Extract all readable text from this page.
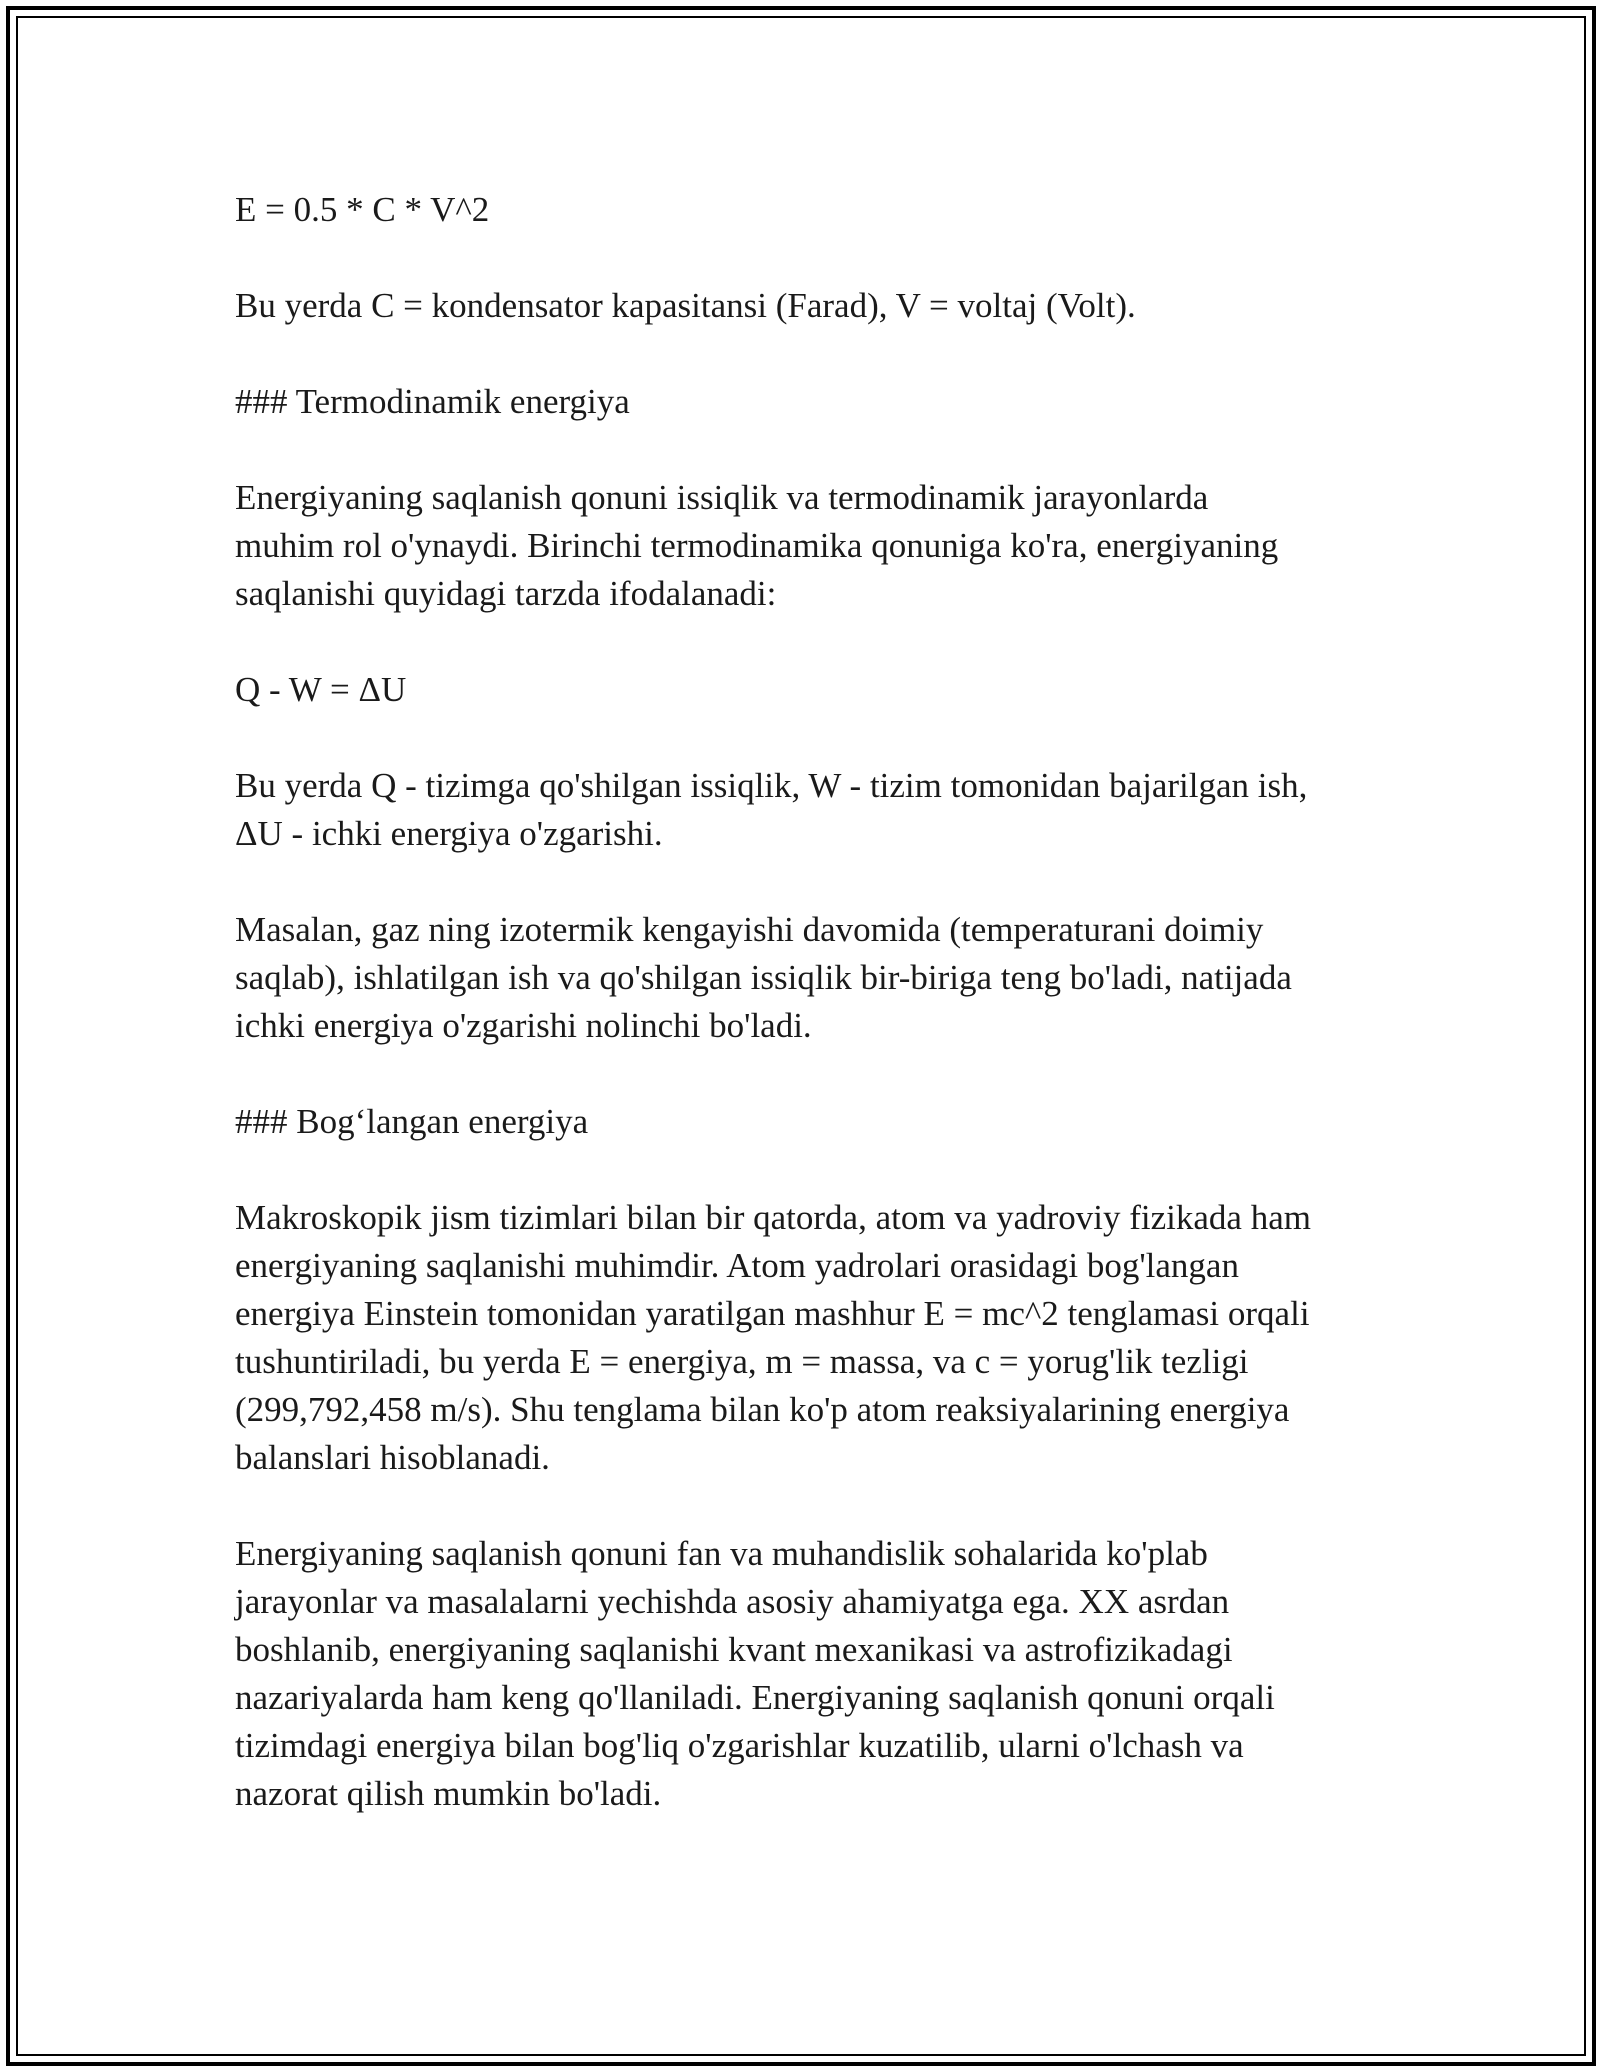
E = 0.5 * C * V^2

Bu yerda C = kondensator kapasitansi (Farad), V = voltaj (Volt).

### Termodinamik energiya

Energiyaning saqlanish qonuni issiqlik va termodinamik jarayonlarda
muhim rol o'ynaydi. Birinchi termodinamika qonuniga ko'ra, energiyaning
saqlanishi quyidagi tarzda ifodalanadi:

Q - W = ΔU

Bu yerda Q - tizimga qo'shilgan issiqlik, W - tizim tomonidan bajarilgan ish,
ΔU - ichki energiya o'zgarishi.

Masalan, gaz ning izotermik kengayishi davomida (temperaturani doimiy
saqlab), ishlatilgan ish va qo'shilgan issiqlik bir-biriga teng bo'ladi, natijada
ichki energiya o'zgarishi nolinchi bo'ladi.

### Bog‘langan energiya

Makroskopik jism tizimlari bilan bir qatorda, atom va yadroviy fizikada ham
energiyaning saqlanishi muhimdir. Atom yadrolari orasidagi bog'langan
energiya Einstein tomonidan yaratilgan mashhur E = mc^2 tenglamasi orqali
tushuntiriladi, bu yerda E = energiya, m = massa, va c = yorug'lik tezligi
(299,792,458 m/s). Shu tenglama bilan ko'p atom reaksiyalarining energiya
balanslari hisoblanadi.

Energiyaning saqlanish qonuni fan va muhandislik sohalarida ko'plab
jarayonlar va masalalarni yechishda asosiy ahamiyatga ega. XX asrdan
boshlanib, energiyaning saqlanishi kvant mexanikasi va astrofizikadagi
nazariyalarda ham keng qo'llaniladi. Energiyaning saqlanish qonuni orqali
tizimdagi energiya bilan bog'liq o'zgarishlar kuzatilib, ularni o'lchash va
nazorat qilish mumkin bo'ladi.
